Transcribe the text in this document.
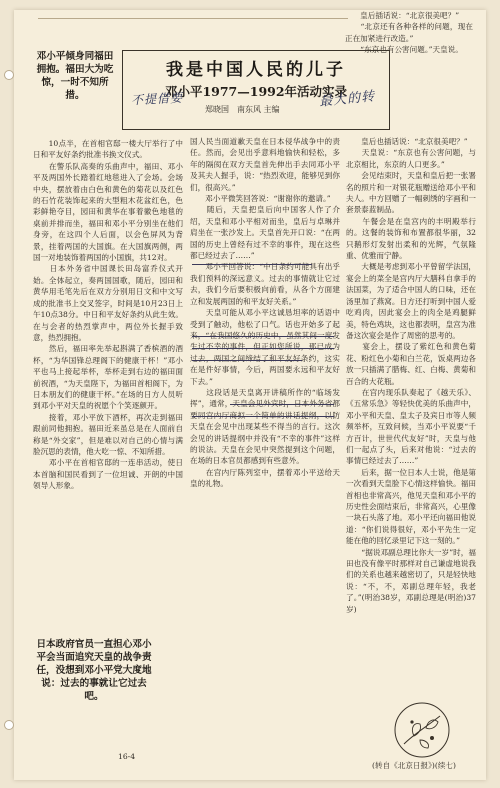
　　皇后插话说：“北京很美吧？”
　　“北京还有各种各样的问题，现在正在加紧进行改造。”
　　“东京也有公害问题。”天皇说。
我是中国人民的儿子
邓小平1977—1992年活动实录
郑晓国　南东风 主编
不提借要	最大的转
邓小平倾身同福田拥抱。福田大为吃惊，一时不知所措。
　　10点半，在首相官邸一楼大厅举行了中日和平友好条约批准书换文仪式。
　　在警乐队高奏的乐曲声中，福田、邓小平及两国外长踏着红地毯进入了会场。会场中央，摆放着由白色和黄色的菊花以及红色的石竹花装饰起来的大型粗木花盆红色，色彩鲜艳夺目，园田和黄华在事着徽色地毯的桌前并排而坐，福田和邓小平分别坐在他们身旁，在这四个人后面，以会色屏风为背景，挂着两国的大国旗。在大国旗两侧，两国一对地装饰着两国的小国旗，共12对。
　　日本外务省中国课长田岛富乔仪式开始。全体起立，奏两国国歌，随后，园田和黄华用毛笔先后在双方分别用日文和中文写成的批准书上交叉签字，时间是10月23日上午10点38分。中日和平友好条约从此生效。在与会者的热烈掌声中，两位外长握手致意，热烈拥抱。
　　然后，福田率先举起斟满了香槟酒的酒杯，“为华国锋总理阁下的健康干杯！”邓小平也马上接起举杯，举杯走到右边的福田面前祝酒，“为天皇陛下，为福田首相阁下，为日本朋友们的健康干杯。”在场的日方人员听到邓小平对天皇的祝愿个个笑逐颜开。
　　接着，邓小平放下酒杯，再次走到福田跟前同他拥抱。福田近来虽总是在人面前自称是“外交家”，但是难以对自己的心情与满脸沉思的表情，他大吃一惊、不知所措。
　　邓小平在首相官邸的一连串活动，使日本首脑和国民看到了一位坦诚、开朗的中国领导人形象。
日本政府官员一直担心邓小平会当面追究天皇的战争责任，没想到邓小平党大度地说：过去的事就让它过去吧。
国人民当面道歉天皇在日本侵华战争中的责任。然而，会见出乎意料地愉快和轻松，多年的隔阂在双方天皇首先伸出手去同邓小平及其夫人握手，说：“热烈欢迎，能够见到你们，很高兴。”
　　邓小平微笑回答说：“谢谢你的邀请。”
　　随后，天皇把皇后向中国客人作了介绍，天皇和邓小平相对而坐，皇后与卓琳并肩坐在一张沙发上。天皇首先开口说：“在两国的历史上曾经有过不幸的事件，现在这些都已经过去了……”
　　邓小平回答说：“中日条约可能具有出乎我们预料的深远意义。过去的事情就让它过去，我们今后要积极向前看，从各个方面建立和发展两国的和平友好关系。”
　　天皇可能从邓小平这诚恳坦率的话语中受到了触动，他松了口气。话也开始多了起来，“在我国悠久的历史中，虽然其间一度发生过不幸的事件，但正如您所说，那已成为过去，两国之间缔结了和平友好条约，这实在是件好事情，今后，两国要永远和平友好下去。”
　　这段话是天皇离开讲稿所作的“临场发挥”，通常，天皇会见外宾时，日本外务省都要同宫内厅商拟一个简单的讲话提纲，以防天皇在会见中出现某些不得当的言行。这次会见的讲话提纲中并没有“不幸的事件”这样的说法。天皇在会见中突然提到这个问题，在场的日本官员都感到有些意外。
　　在宫内厅陈列室中，摆着邓小平送给天皇的礼物。
　　皇后也插话说：“北京很美吧？”
　　天皇说：“东京也有公害问题，与北京相比，东京的人口更多。”
　　会见结束时，天皇和皇后把一张署名的照片和一对银花瓶赠送给邓小平和夫人。中方回赠了一幅刺绣的字画和一套景泰蓝制品。
　　午餐会是在皇宫内的丰明殿举行的。这餐的装饰和布置都很华丽，32只鹅形灯发射出柔和的光辉，气氛隆重、优雅而宁静。
　　大概是考虑到邓小平曾留学法国，宴会上的菜全是宫内厅大膳科自拿手的法国菜，为了适合中国人的口味，还在汤里加了燕窝。日方还打听到中国人爱吃鸡肉，因此宴会上的肉全是鸡腿鲜美，特色鸡块，这也都表明，皇宫为准备这次宴会是作了周密的思考的。
　　宴会上，摆设了紫红色和黄色菊花、粉红色小菊和白兰花，饭桌两边各放一只插满了腊梅、红、白梅、黄菊和百合的大花瓶。
　　在宫内现乐队奏起了《越天乐》、《五常乐急》等轻快优美的乐曲声中，邓小平和天皇、皇太子及宾日市等人频频举杯，互致问候，当邓小平说要“千方百计，世世代代友好”时，天皇与他们一起点了头，后来对他说：“过去的事情已经过去了……”
　　后来，据一位日本人士说，他是第一次看到天皇脸下心情这样愉快。福田首相也非常高兴，他见天皇和邓小平的历史性会面结束后，非常高兴，心里像一块石头落了地。邓小平还向福田他说道：“你们说得很好，邓小平先生一定能在他的回忆录里记下这一刻的。”
　　“据说邓副总理比你大一岁”时，福田也没有像平时那样对自己谦虚地说我们的关系也越来越密切了，只是轻快地说：“不，不，邓副总理年轻，我老了。”(明治38岁，邓副总理是(明治)37岁)
16-4
(转自《北京日报》)(续七)
